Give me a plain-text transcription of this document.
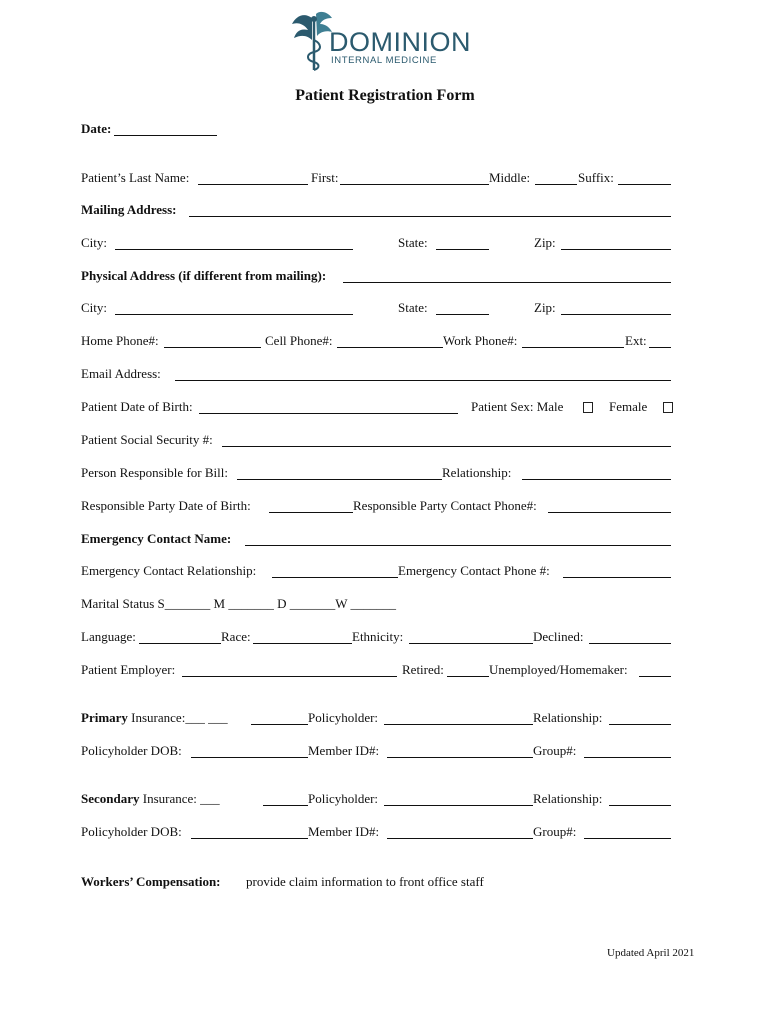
DOMINION
INTERNAL MEDICINE
Patient Registration Form
Date:
Patient’s Last Name:	First:	Middle:	Suffix:
Mailing Address:
City:	State:	Zip:
Physical Address (if different from mailing):
City:	State:	Zip:
Home Phone#:	Cell Phone#:	Work Phone#:	Ext:
Email Address:
Patient Date of Birth:	Patient Sex: Male	Female
Patient Social Security #:
Person Responsible for Bill:	Relationship:
Responsible Party Date of Birth:	Responsible Party Contact Phone#:
Emergency Contact Name:
Emergency Contact Relationship:	Emergency Contact Phone #:
Marital Status S_______ M _______ D _______W _______
Language:	Race:	Ethnicity:	Declined:
Patient Employer:	Retired:	Unemployed/Homemaker:
Primary Insurance:___ ___	Policyholder:	Relationship:
Policyholder DOB:	Member ID#:	Group#:
Secondary Insurance: ___	Policyholder:	Relationship:
Policyholder DOB:	Member ID#:	Group#:
Workers’ Compensation: provide claim information to front office staff
Updated April 2021
